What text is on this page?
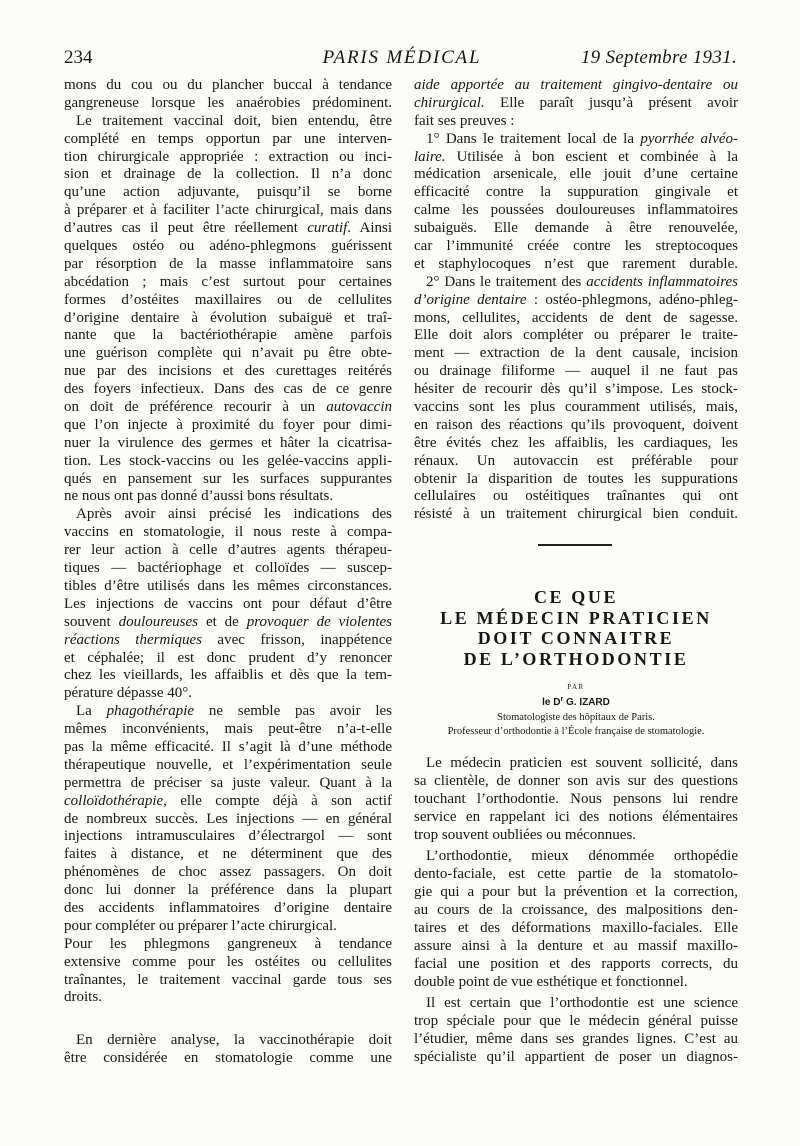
234	PARIS MÉDICAL	19 Septembre 1931.
mons du cou ou du plancher buccal à tendance
gangreneuse lorsque les anaérobies prédominent.
Le traitement vaccinal doit, bien entendu, être
complété en temps opportun par une interven-
tion chirurgicale appropriée : extraction ou inci-
sion et drainage de la collection. Il n’a donc
qu’une action adjuvante, puisqu’il se borne
à préparer et à faciliter l’acte chirurgical, mais dans
d’autres cas il peut être réellement curatif. Ainsi
quelques ostéo ou adéno-phlegmons guérissent
par résorption de la masse inflammatoire sans
abcédation ; mais c’est surtout pour certaines
formes d’ostéites maxillaires ou de cellulites
d’origine dentaire à évolution subaiguë et traî-
nante que la bactériothérapie amène parfois
une guérison complète qui n’avait pu être obte-
nue par des incisions et des curettages reitérés
des foyers infectieux. Dans des cas de ce genre
on doit de préférence recourir à un autovaccin
que l’on injecte à proximité du foyer pour dimi-
nuer la virulence des germes et hâter la cicatrisa-
tion. Les stock-vaccins ou les gelée-vaccins appli-
qués en pansement sur les surfaces suppurantes
ne nous ont pas donné d’aussi bons résultats.
Après avoir ainsi précisé les indications des
vaccins en stomatologie, il nous reste à compa-
rer leur action à celle d’autres agents thérapeu-
tiques — bactériophage et colloïdes — suscep-
tibles d’être utilisés dans les mêmes circonstances.
Les injections de vaccins ont pour défaut d’être
souvent douloureuses et de provoquer de violentes
réactions thermiques avec frisson, inappétence
et céphalée; il est donc prudent d’y renoncer
chez les vieillards, les affaiblis et dès que la tem-
pérature dépasse 40°.
La phagothérapie ne semble pas avoir les
mêmes inconvénients, mais peut-être n’a-t-elle
pas la même efficacité. Il s’agit là d’une méthode
thérapeutique nouvelle, et l’expérimentation seule
permettra de préciser sa juste valeur. Quant à la
colloïdothérapie, elle compte déjà à son actif
de nombreux succès. Les injections — en général
injections intramusculaires d’électrargol — sont
faites à distance, et ne déterminent que des
phénomènes de choc assez passagers. On doit
donc lui donner la préférence dans la plupart
des accidents inflammatoires d’origine dentaire
pour compléter ou préparer l’acte chirurgical.
Pour les phlegmons gangreneux à tendance
extensive comme pour les ostéites ou cellulites
traînantes, le traitement vaccinal garde tous ses
droits.
En dernière analyse, la vaccinothérapie doit
être considérée en stomatologie comme une
aide apportée au traitement gingivo-dentaire ou
chirurgical. Elle paraît jusqu’à présent avoir
fait ses preuves :
1° Dans le traitement local de la pyorrhée alvéo-
laire. Utilisée à bon escient et combinée à la
médication arsenicale, elle jouit d’une certaine
efficacité contre la suppuration gingivale et
calme les poussées douloureuses inflammatoires
subaiguës. Elle demande à être renouvelée,
car l’immunité créée contre les streptocoques
et staphylocoques n’est que rarement durable.
2° Dans le traitement des accidents inflammatoires
d’origine dentaire : ostéo-phlegmons, adéno-phleg-
mons, cellulites, accidents de dent de sagesse.
Elle doit alors compléter ou préparer le traite-
ment — extraction de la dent causale, incision
ou drainage filiforme — auquel il ne faut pas
hésiter de recourir dès qu’il s’impose. Les stock-
vaccins sont les plus couramment utilisés, mais,
en raison des réactions qu’ils provoquent, doivent
être évités chez les affaiblis, les cardiaques, les
rénaux. Un autovaccin est préférable pour
obtenir la disparition de toutes les suppurations
cellulaires ou ostéitiques traînantes qui ont
résisté à un traitement chirurgical bien conduit.
CE QUE
LE MÉDECIN PRATICIEN
DOIT CONNAITRE
DE L’ORTHODONTIE
PAR
le $D^r$ G. IZARD
Stomatologiste des hôpitaux de Paris.
Professeur d’orthodontie à l’École française de stomatologie.
Le médecin praticien est souvent sollicité, dans
sa clientèle, de donner son avis sur des questions
touchant l’orthodontie. Nous pensons lui rendre
service en rappelant ici des notions élémentaires
trop souvent oubliées ou méconnues.
L’orthodontie, mieux dénommée orthopédie
dento-faciale, est cette partie de la stomatolo-
gie qui a pour but la prévention et la correction,
au cours de la croissance, des malpositions den-
taires et des déformations maxillo-faciales. Elle
assure ainsi à la denture et au massif maxillo-
facial une position et des rapports corrects, du
double point de vue esthétique et fonctionnel.
Il est certain que l’orthodontie est une science
trop spéciale pour que le médecin général puisse
l’étudier, même dans ses grandes lignes. C’est au
spécialiste qu’il appartient de poser un diagnos-
